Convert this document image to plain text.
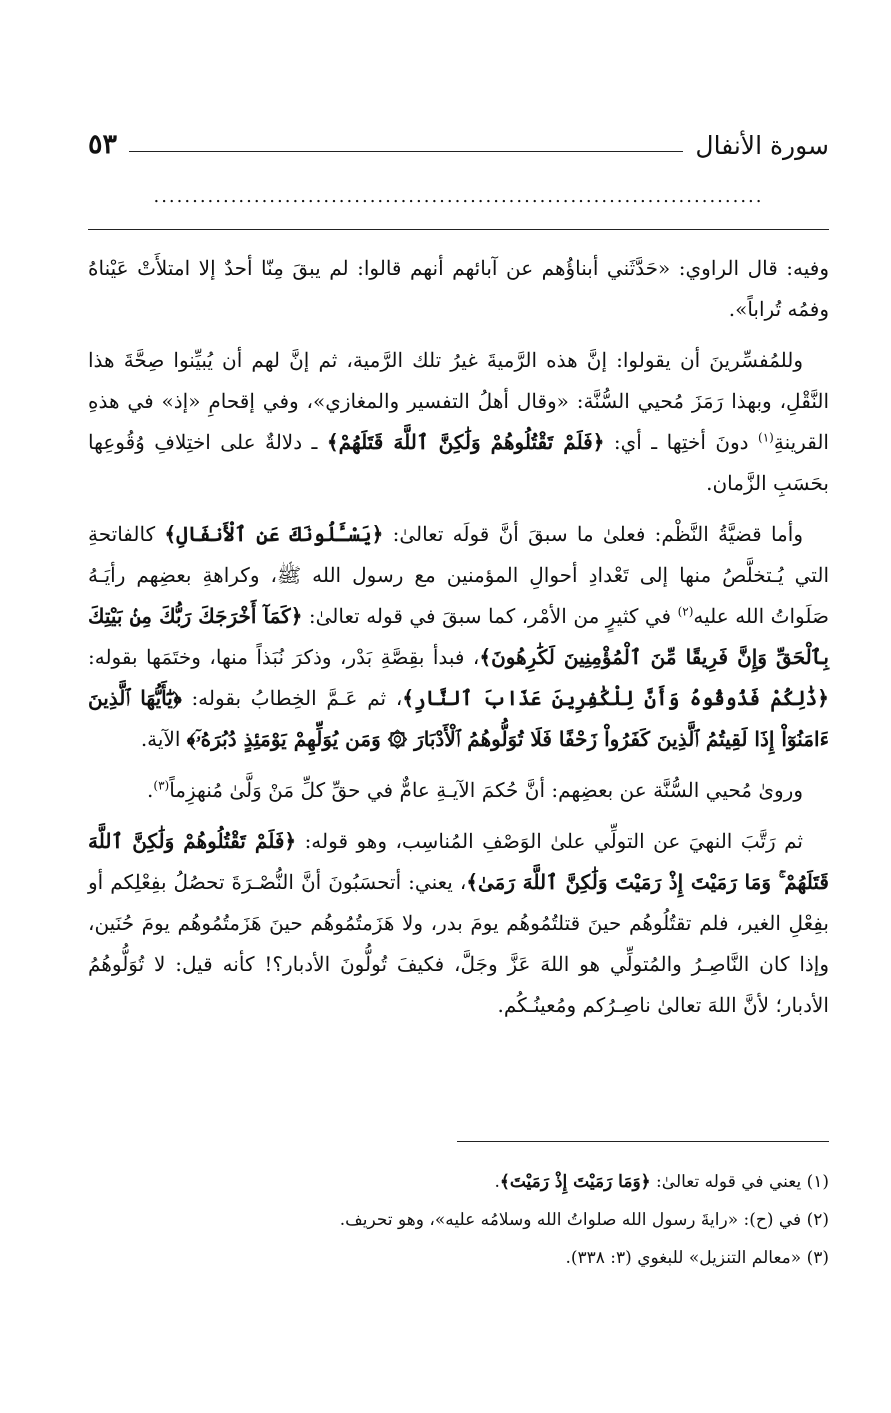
سورة الأنفال
٥٣
...............................................................................

وفيه: قال الراوي: «حَدَّثَني أبناؤُهم عن آبائهم أنهم قالوا: لم يبقَ مِنّا أحدٌ إلا امتلأَتْ عَيْناهُ وفمُه تُراباً».

وللمُفسِّرينَ أن يقولوا: إنَّ هذه الرَّميةَ غيرُ تلك الرَّمية، ثم إنَّ لهم أن يُبيِّنوا صِحَّةَ هذا النَّقْلِ، وبهذا رَمَزَ مُحيي السُّنَّة: «وقال أهلُ التفسير والمغازي»، وفي إقحامِ «إذ» في هذهِ القرينةِ$^{(١)}$ دونَ أختِها ـ أي: ﴿فَلَمْ تَقْتُلُوهُمْ وَلَٰكِنَّ ٱللَّهَ قَتَلَهُمْ﴾ ـ دلالةٌ على اختِلافِ وُقُوعِها بحَسَبِ الزَّمان.

وأما قضيَّةُ النَّظْم: فعلىٰ ما سبقَ أنَّ قولَه تعالىٰ: ﴿يَسْـَٔلُونَكَ عَنِ ٱلْأَنفَالِ﴾ كالفاتحةِ التي يُـتخلَّصُ منها إلى تَعْدادِ أحوالِ المؤمنين مع رسول الله ﷺ، وكراهةِ بعضِهم رأيَـهُ صَلَواتُ الله عليه$^{(٢)}$ في كثيرٍ من الأمْر، كما سبقَ في قوله تعالىٰ: ﴿كَمَآ أَخْرَجَكَ رَبُّكَ مِنۢ بَيْتِكَ بِٱلْحَقِّ وَإِنَّ فَرِيقًا مِّنَ ٱلْمُؤْمِنِينَ لَكَٰرِهُونَ﴾، فبدأ بقِصَّةِ بَدْر، وذكرَ نُبَذاً منها، وختَمَها بقوله: ﴿ذَٰلِكُمْ فَذُوقُوهُ وَأَنَّ لِلْكَٰفِرِينَ عَذَابَ ٱلنَّارِ﴾، ثم عَـمَّ الخِطابُ بقوله: ﴿يَٰٓأَيُّهَا ٱلَّذِينَ ءَامَنُوٓاْ إِذَا لَقِيتُمُ ٱلَّذِينَ كَفَرُواْ زَحْفًا فَلَا تُوَلُّوهُمُ ٱلْأَدْبَارَ ۞ وَمَن يُوَلِّهِمْ يَوْمَئِذٍ دُبُرَهُۥٓ﴾ الآية.

وروىٰ مُحيي السُّنَّة عن بعضِهم: أنَّ حُكمَ الآيـةِ عامٌّ في حقِّ كلِّ مَنْ وَلَّىٰ مُنهزِماً$^{(٣)}$.

ثم رَتَّبَ النهيَ عن التولِّي علىٰ الوَصْفِ المُناسِب، وهو قوله: ﴿فَلَمْ تَقْتُلُوهُمْ وَلَٰكِنَّ ٱللَّهَ قَتَلَهُمْ ۚ وَمَا رَمَيْتَ إِذْ رَمَيْتَ وَلَٰكِنَّ ٱللَّهَ رَمَىٰ﴾، يعني: أتحسَبُونَ أنَّ النُّصْـرَةَ تحصُلُ بفِعْلِكم أو بفِعْلِ الغير، فلم تقتُلُوهُم حينَ قتلتُمُوهُم يومَ بدر، ولا هَزَمتُمُوهُم حينَ هَزَمتُمُوهُم يومَ حُنَين، وإذا كان النَّاصِـرُ والمُتولِّي هو اللهَ عَزَّ وجَلَّ، فكيفَ تُولُّونَ الأدبار؟! كأنه قيل: لا تُوَلُّوهُمُ الأدبار؛ لأنَّ اللهَ تعالىٰ ناصِـرُكم ومُعينُـكُم.

(١) يعني في قوله تعالىٰ: ﴿وَمَا رَمَيْتَ إِذْ رَمَيْتَ﴾.

(٢) في (ح): «رايةَ رسول الله صلواتُ الله وسلامُه عليه»، وهو تحريف.

(٣) «معالم التنزيل» للبغوي (٣: ٣٣٨).
